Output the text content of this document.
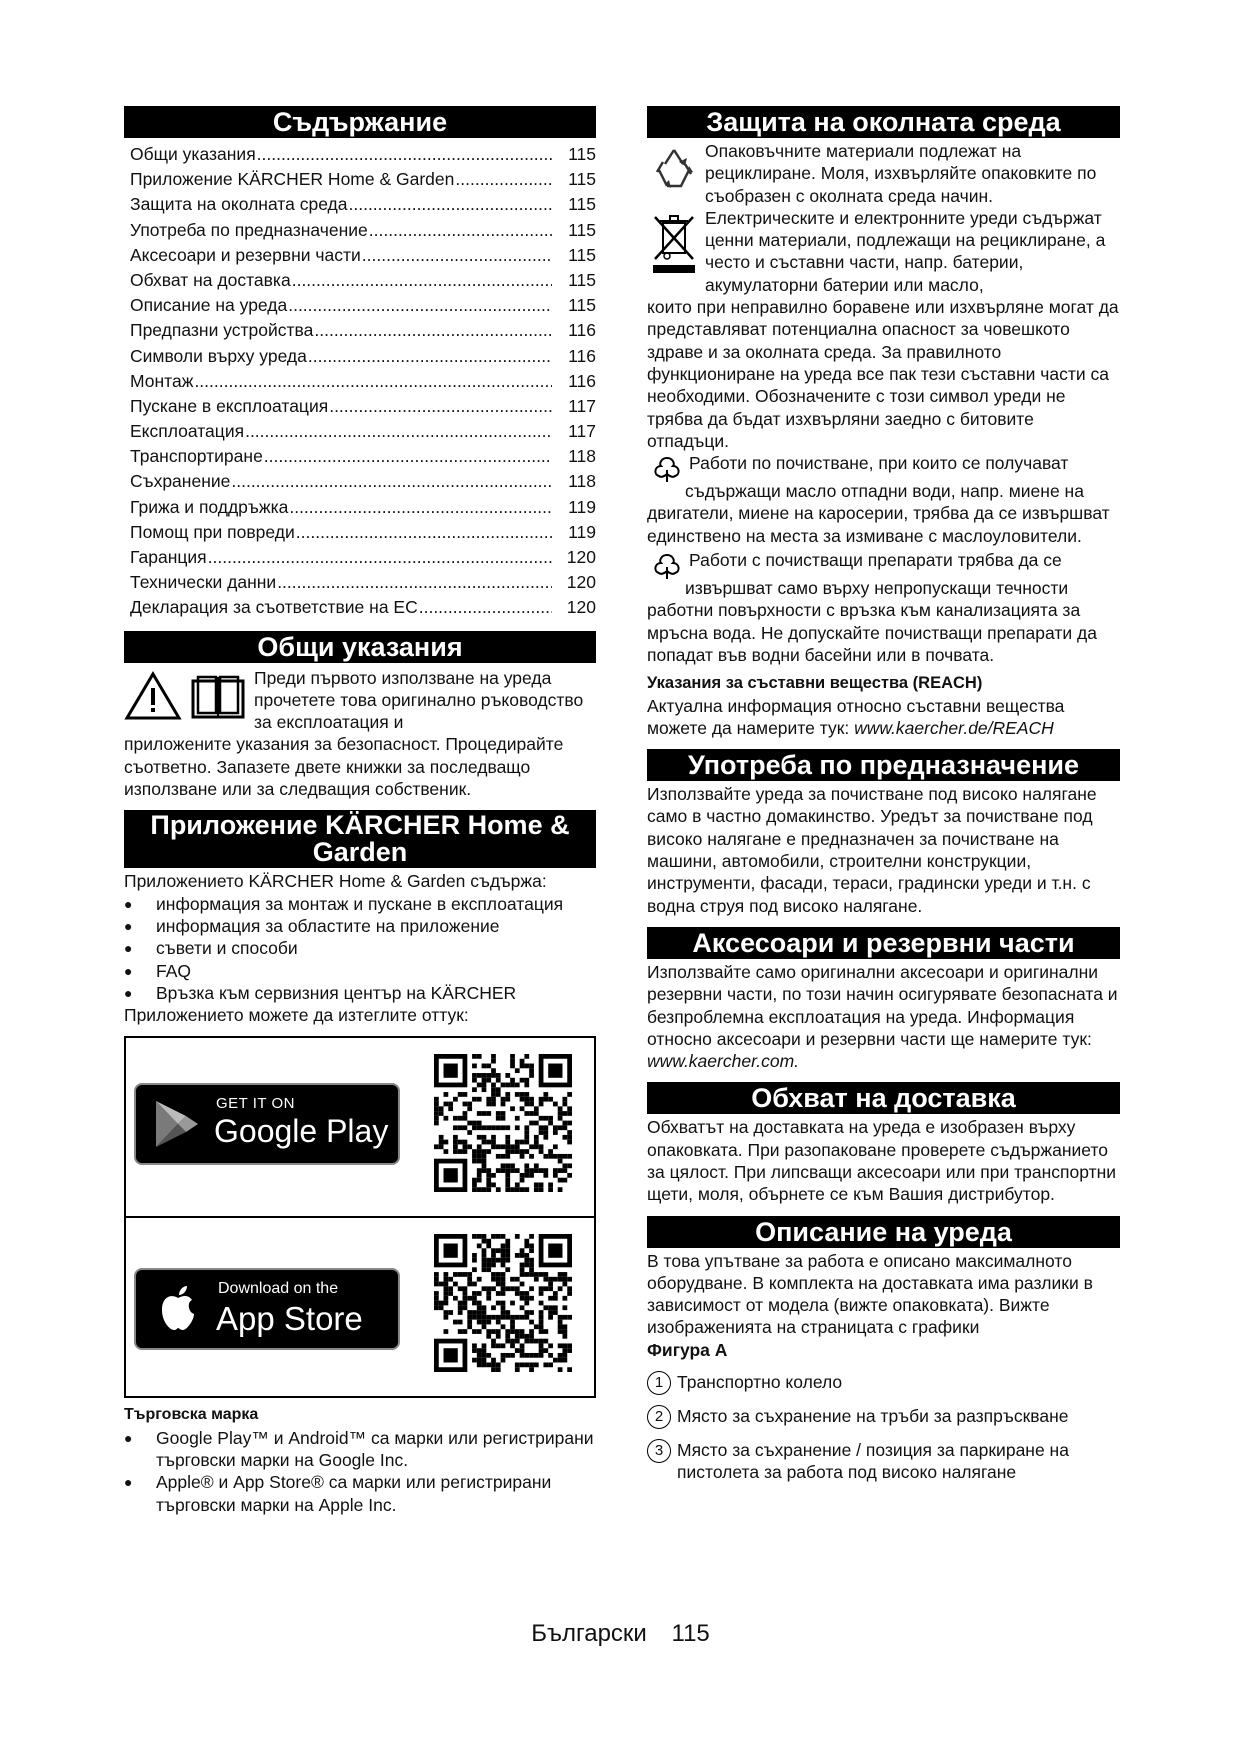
Съдържание
Общи указания .....	115
Приложение KÄRCHER Home & Garden .....	115
Защита на околната среда .....	115
Употреба по предназначение .....	115
Аксесоари и резервни части .....	115
Обхват на доставка .....	115
Описание на уреда .....	115
Предпазни устройства .....	116
Символи върху уреда .....	116
Монтаж .....	116
Пускане в експлоатация .....	117
Експлоатация .....	117
Транспортиране .....	118
Съхранение .....	118
Грижа и поддръжка .....	119
Помощ при повреди .....	119
Гаранция .....	120
Технически данни .....	120
Декларация за съответствие на ЕС .....	120
Общи указания

Преди първото използване на уреда прочетете това оригинално ръководство за експлоатация и

приложените указания за безопасност. Процедирайте съответно. Запазете двете книжки за последващо използване или за следващия собственик.

Приложение KÄRCHER Home & Garden

Приложението KÄRCHER Home & Garden съдържа:

● информация за монтаж и пускане в експлоатация
● информация за областите на приложение
● съвети и способи
● FAQ
● Връзка към сервизния център на KÄRCHER

Приложението можете да изтеглите оттук:

GET IT ON
Google Play
Download on the
App Store

Търговска марка

● Google Play™ и Android™ са марки или регистрирани търговски марки на Google Inc.
● Apple® и App Store® са марки или регистрирани търговски марки на Apple Inc.
Защита на околната среда

Опаковъчните материали подлежат на рециклиране. Моля, изхвърляйте опаковките по съобразен с околната среда начин.

Електрическите и електронните уреди съдържат ценни материали, подлежащи на рециклиране, а често и съставни части, напр. батерии, акумулаторни батерии или масло,

които при неправилно боравене или изхвърляне могат да представляват потенциална опасност за човешкото здраве и за околната среда. За правилното функциониране на уреда все пак тези съставни части са необходими. Обозначените с този символ уреди не трябва да бъдат изхвърляни заедно с битовите отпадъци.

Работи по почистване, при които се получават

съдържащи масло отпадни води, напр. миене на двигатели, миене на каросерии, трябва да се извършват единствено на места за измиване с маслоуловители.

Работи с почистващи препарати трябва да се

извършват само върху непропускащи течности работни повърхности с връзка към канализацията за мръсна вода. Не допускайте почистващи препарати да попадат във водни басейни или в почвата.

Указания за съставни вещества (REACH)

Актуална информация относно съставни вещества можете да намерите тук: www.kaercher.de/REACH

Употреба по предназначение

Използвайте уреда за почистване под високо налягане само в частно домакинство. Уредът за почистване под високо налягане е предназначен за почистване на машини, автомобили, строителни конструкции, инструменти, фасади, тераси, градински уреди и т.н. с водна струя под високо налягане.

Аксесоари и резервни части

Използвайте само оригинални аксесоари и оригинални резервни части, по този начин осигурявате безопасната и безпроблемна експлоатация на уреда. Информация относно аксесоари и резервни части ще намерите тук: www.kaercher.com.

Обхват на доставка

Обхватът на доставката на уреда е изобразен върху опаковката. При разопаковане проверете съдържанието за цялост. При липсващи аксесоари или при транспортни щети, моля, обърнете се към Вашия дистрибутор.

Описание на уреда

В това упътване за работа е описано максималното оборудване. В комплекта на доставката има разлики в зависимост от модела (вижте опаковката). Вижте изображенията на страницата с графики

Фигура А

1 Транспортно колело
2 Място за съхранение на тръби за разпръскване
3 Място за съхранение / позиция за паркиране на пистолета за работа под високо налягане
Български 115
